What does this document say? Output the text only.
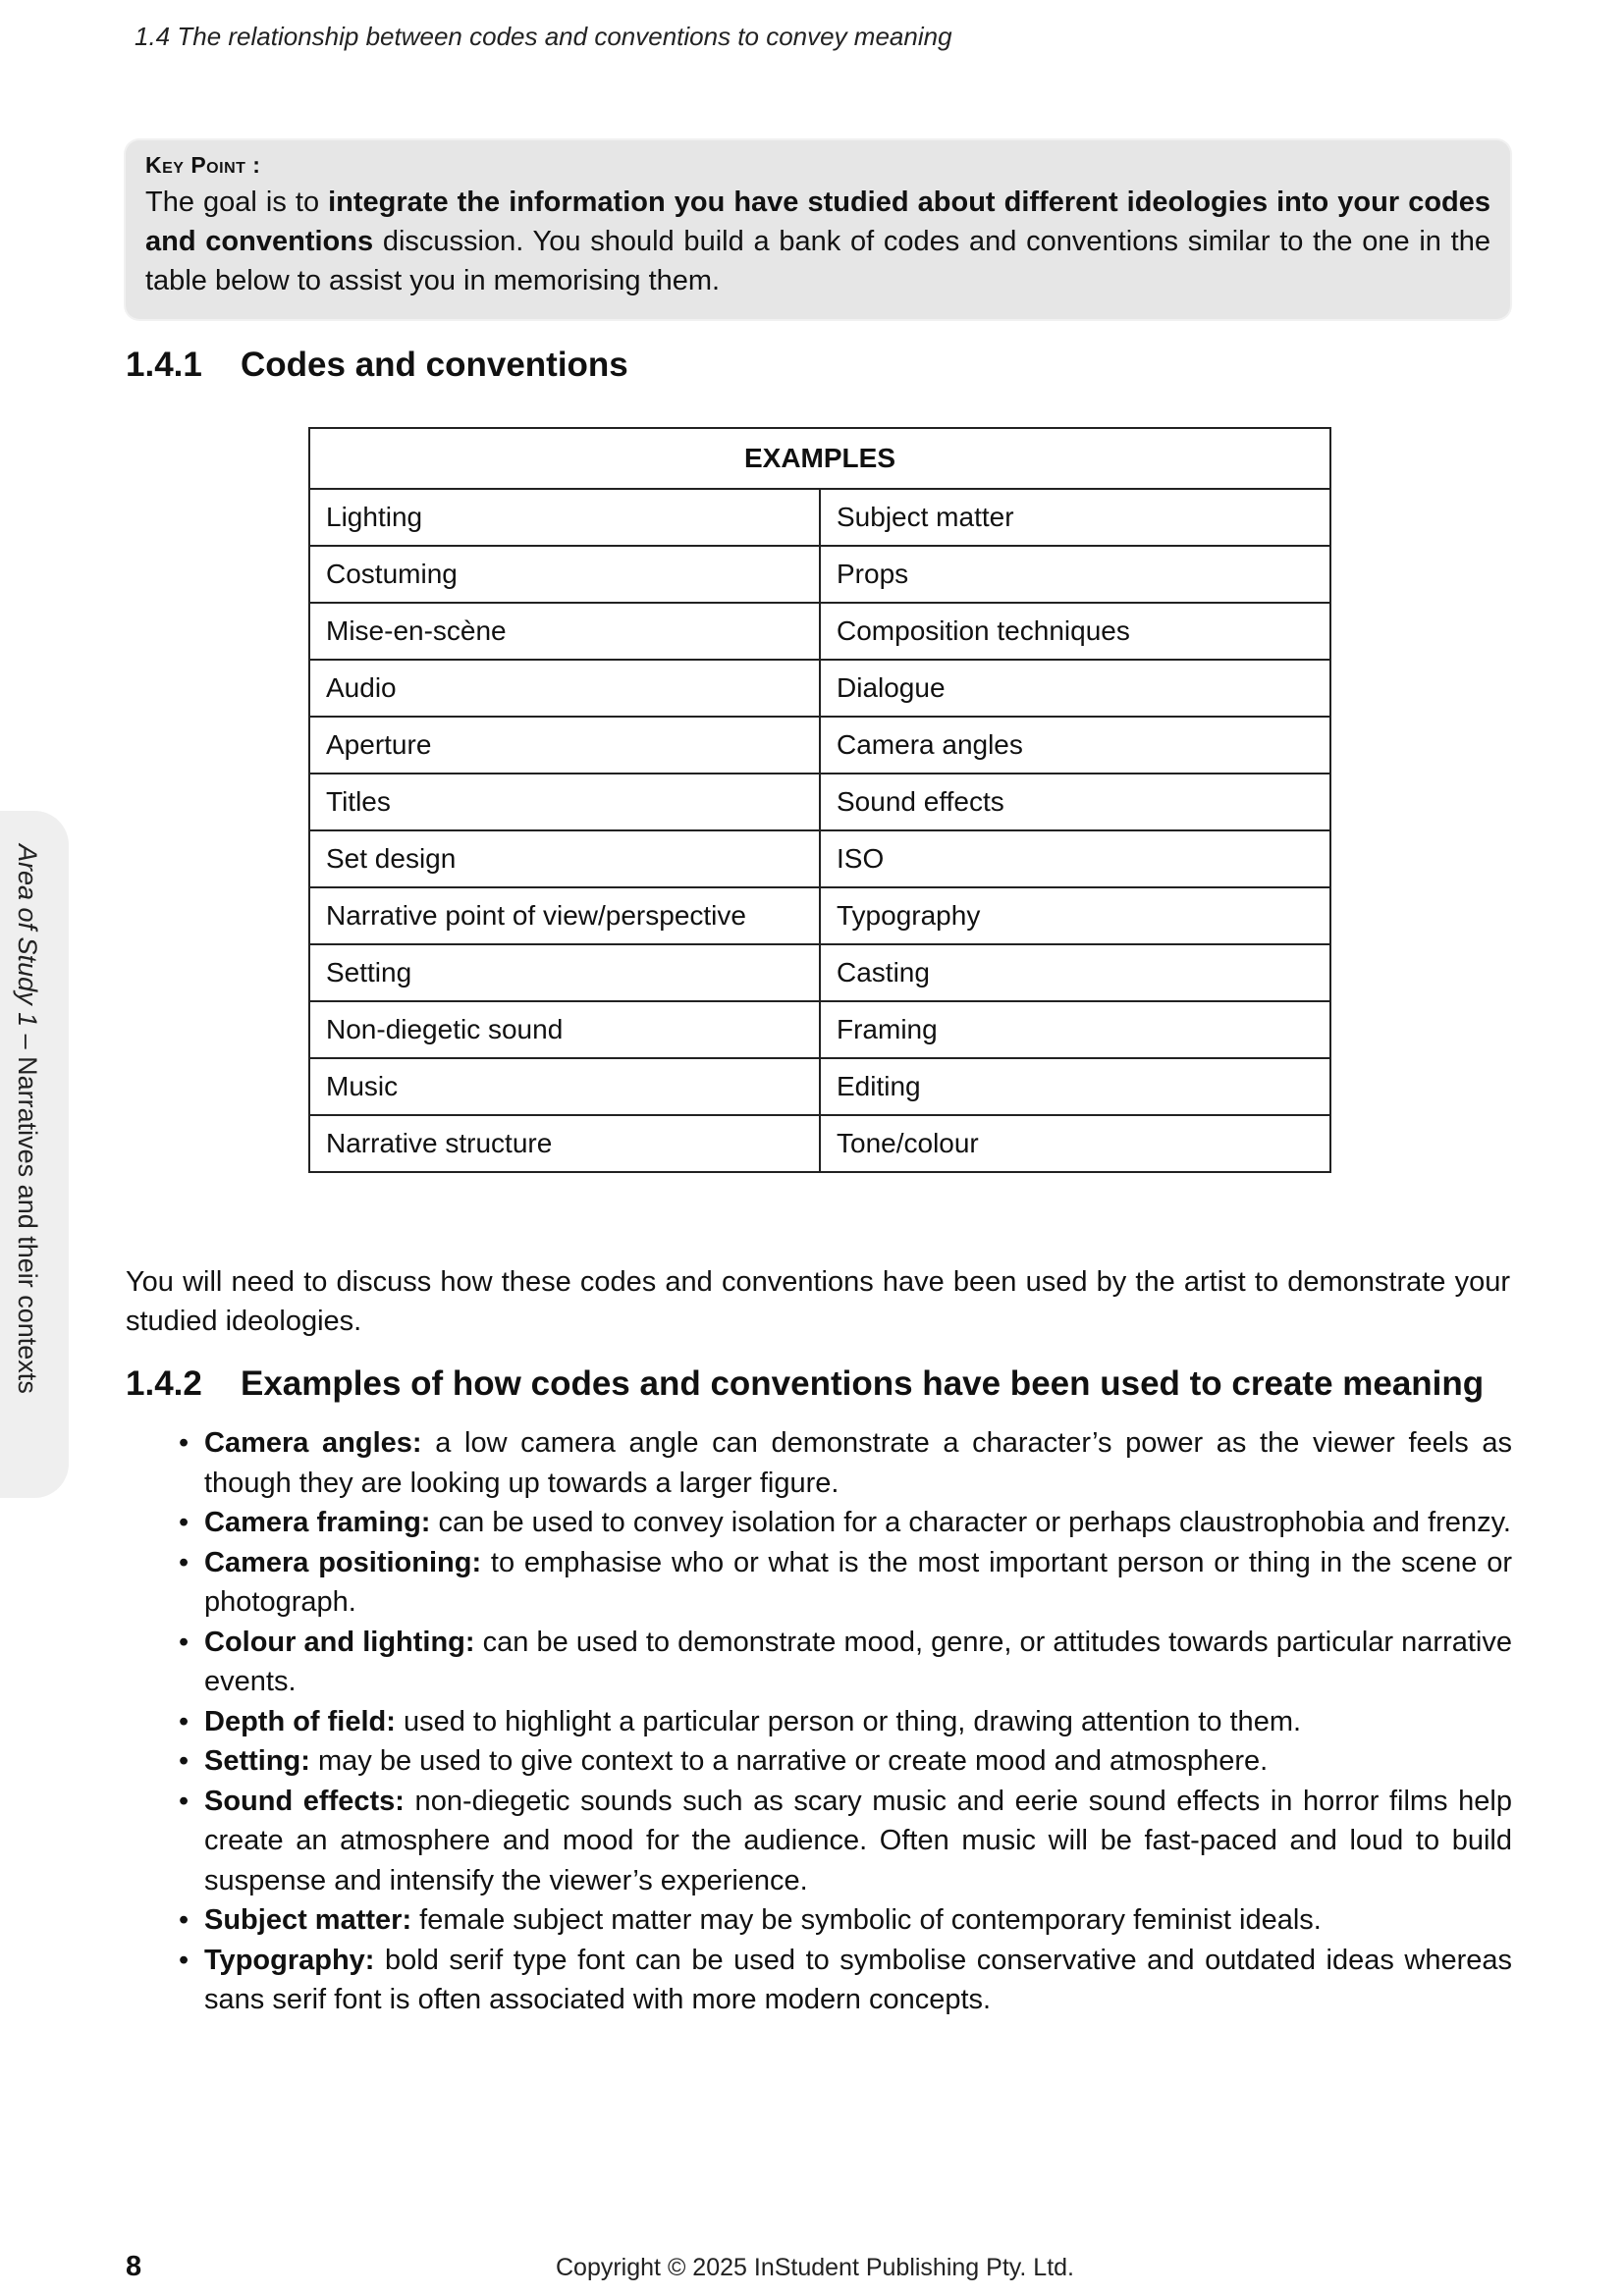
1.4 The relationship between codes and conventions to convey meaning
Area of Study 1 – Narratives and their contexts
Key Point :
The goal is to integrate the information you have studied about different ideologies into your codes and conventions discussion. You should build a bank of codes and conventions similar to the one in the table below to assist you in memorising them.
1.4.1 Codes and conventions
EXAMPLES	
Lighting	Subject matter
Costuming	Props
Mise-en-scène	Composition techniques
Audio	Dialogue
Aperture	Camera angles
Titles	Sound effects
Set design	ISO
Narrative point of view/perspective	Typography
Setting	Casting
Non-diegetic sound	Framing
Music	Editing
Narrative structure	Tone/colour
You will need to discuss how these codes and conventions have been used by the artist to demonstrate your studied ideologies.
1.4.2 Examples of how codes and conventions have been used to create meaning
• Camera angles: a low camera angle can demonstrate a character’s power as the viewer feels as though they are looking up towards a larger figure.
• Camera framing: can be used to convey isolation for a character or perhaps claustrophobia and frenzy.
• Camera positioning: to emphasise who or what is the most important person or thing in the scene or photograph.
• Colour and lighting: can be used to demonstrate mood, genre, or attitudes towards particular narrative events.
• Depth of field: used to highlight a particular person or thing, drawing attention to them.
• Setting: may be used to give context to a narrative or create mood and atmosphere.
• Sound effects: non-diegetic sounds such as scary music and eerie sound effects in horror films help create an atmosphere and mood for the audience. Often music will be fast-paced and loud to build suspense and intensify the viewer’s experience.
• Subject matter: female subject matter may be symbolic of contemporary feminist ideals.
• Typography: bold serif type font can be used to symbolise conservative and outdated ideas whereas sans serif font is often associated with more modern concepts.
8	Copyright © 2025 InStudent Publishing Pty. Ltd.
